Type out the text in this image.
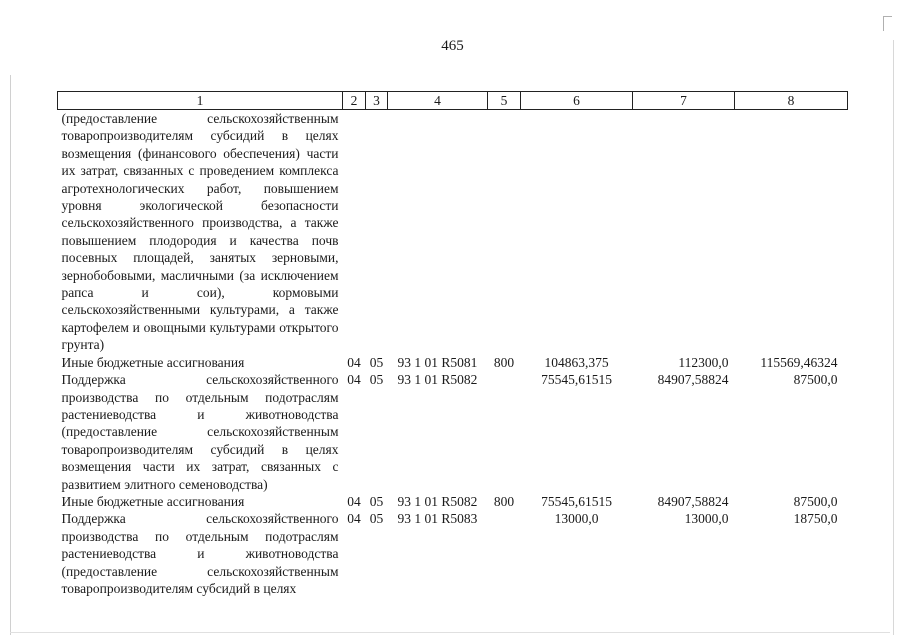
465
1	2	3	4	5	6	7	8
(предоставление сельскохозяйственным товаропроизводителям субсидий в целях возмещения (финансового обеспечения) части их затрат, связанных с проведением комплекса агротехнологических работ, повышением уровня экологической безопасности сельскохозяйственного производства, а также повышением плодородия и качества почв посевных площадей, занятых зерновыми, зернобобовыми, масличными (за исключением рапса и сои), кормовыми сельскохозяйственными культурами, а также картофелем и овощными культурами открытого грунта)							
Иные бюджетные ассигнования	04	05	93 1 01 R5081	800	104863,375	112300,0	115569,46324
Поддержка сельскохозяйственного производства по отдельным подотраслям растениеводства и животноводства (предоставление сельскохозяйственным товаропроизводителям субсидий в целях возмещения части их затрат, связанных с развитием элитного семеноводства)	04	05	93 1 01 R5082		75545,61515	84907,58824	87500,0
Иные бюджетные ассигнования	04	05	93 1 01 R5082	800	75545,61515	84907,58824	87500,0
Поддержка сельскохозяйственного производства по отдельным подотраслям растениеводства и животноводства (предоставление сельскохозяйственным товаропроизводителям субсидий в целях	04	05	93 1 01 R5083		13000,0	13000,0	18750,0
